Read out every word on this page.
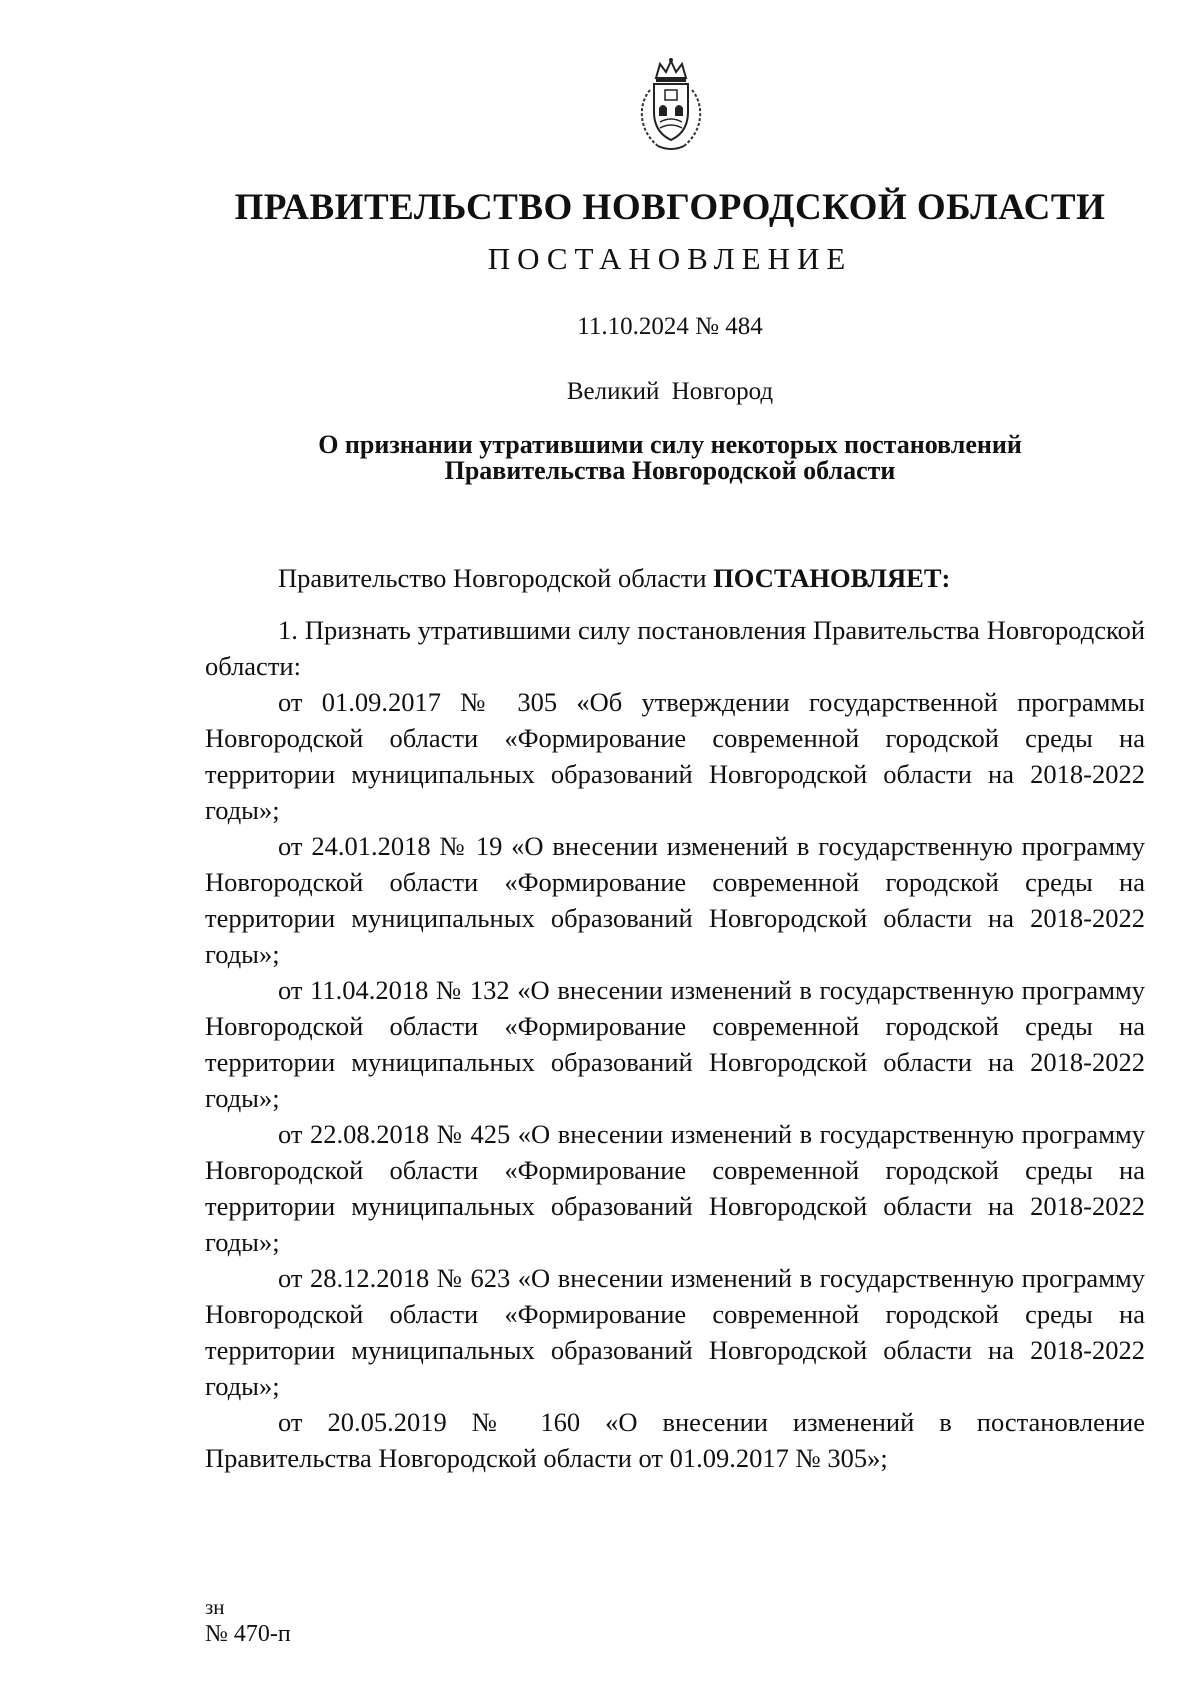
ПРАВИТЕЛЬСТВО НОВГОРОДСКОЙ ОБЛАСТИ
ПОСТАНОВЛЕНИЕ
11.10.2024 № 484
Великий Новгород
О признании утратившими силу некоторых постановлений
Правительства Новгородской области

Правительство Новгородской области ПОСТАНОВЛЯЕТ:

1. Признать утратившими силу постановления Правительства Новгородской области:

от 01.09.2017 № 305 «Об утверждении государственной программы Новгородской области «Формирование современной городской среды на территории муниципальных образований Новгородской области на 2018-2022 годы»;

от 24.01.2018 № 19 «О внесении изменений в государственную программу Новгородской области «Формирование современной городской среды на территории муниципальных образований Новгородской области на 2018-2022 годы»;

от 11.04.2018 № 132 «О внесении изменений в государственную программу Новгородской области «Формирование современной городской среды на территории муниципальных образований Новгородской области на 2018-2022 годы»;

от 22.08.2018 № 425 «О внесении изменений в государственную программу Новгородской области «Формирование современной городской среды на территории муниципальных образований Новгородской области на 2018-2022 годы»;

от 28.12.2018 № 623 «О внесении изменений в государственную программу Новгородской области «Формирование современной городской среды на территории муниципальных образований Новгородской области на 2018-2022 годы»;

от 20.05.2019 № 160 «О внесении изменений в постановление Правительства Новгородской области от 01.09.2017 № 305»;

зн
№ 470-п
